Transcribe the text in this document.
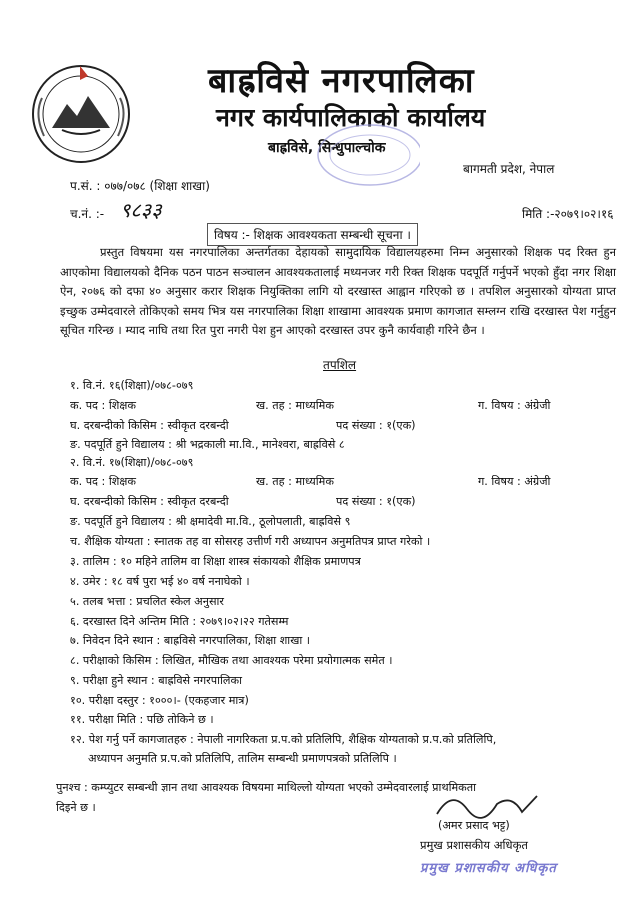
बाह्रविसे नगरपालिका
नगर कार्यपालिकाको कार्यालय
बाह्रविसे, सिन्धुपाल्चोक
बागमती प्रदेश, नेपाल
प.सं. : ०७७/०७८ (शिक्षा शाखा)
च.नं. :- ९८३३	मिति :-२०७९।०२।१६
विषय :- शिक्षक आवश्यकता सम्बन्धी सूचना ।
प्रस्तुत विषयमा यस नगरपालिका अन्तर्गतका देहायको सामुदायिक विद्यालयहरुमा निम्न अनुसारको शिक्षक पद रिक्त हुन आएकोमा विद्यालयको दैनिक पठन पाठन सञ्चालन आवश्यकतालाई मध्यनजर गरी रिक्त शिक्षक पदपूर्ति गर्नुपर्ने भएको हुँदा नगर शिक्षा ऐन, २०७६ को दफा ४० अनुसार करार शिक्षक नियुक्तिका लागि यो दरखास्त आह्वान गरिएको छ । तपशिल अनुसारको योग्यता प्राप्त इच्छुक उम्मेदवारले तोकिएको समय भित्र यस नगरपालिका शिक्षा शाखामा आवश्यक प्रमाण कागजात सम्लग्न राखि दरखास्त पेश गर्नुहुन सूचित गरिन्छ । म्याद नाघि तथा रित पुरा नगरी पेश हुन आएको दरखास्त उपर कुनै कार्यवाही गरिने छैन ।
तपशिल
१. वि.नं. १६(शिक्षा)/०७८-०७९
क. पद : शिक्षक	ख. तह : माध्यमिक	ग. विषय : अंग्रेजी
घ. दरबन्दीको किसिम : स्वीकृत दरबन्दी	पद संख्या : १(एक)
ङ. पदपूर्ति हुने विद्यालय : श्री भद्रकाली मा.वि., मानेश्वरा, बाह्रविसे ८
२. वि.नं. १७(शिक्षा)/०७८-०७९
क. पद : शिक्षक	ख. तह : माध्यमिक	ग. विषय : अंग्रेजी
घ. दरबन्दीको किसिम : स्वीकृत दरबन्दी	पद संख्या : १(एक)
ङ. पदपूर्ति हुने विद्यालय : श्री क्षमादेवी मा.वि., ठूलोपलाती, बाह्रविसे ९
च. शैक्षिक योग्यता : स्नातक तह वा सोसरह उत्तीर्ण गरी अध्यापन अनुमतिपत्र प्राप्त गरेको ।
३. तालिम : १० महिने तालिम वा शिक्षा शास्त्र संकायको शैक्षिक प्रमाणपत्र
४. उमेर : १८ वर्ष पुरा भई ४० वर्ष ननाघेको ।
५. तलब भत्ता : प्रचलित स्केल अनुसार
६. दरखास्त दिने अन्तिम मिति : २०७९।०२।२२ गतेसम्म
७. निवेदन दिने स्थान : बाह्रविसे नगरपालिका, शिक्षा शाखा ।
८. परीक्षाको किसिम : लिखित, मौखिक तथा आवश्यक परेमा प्रयोगात्मक समेत ।
९. परीक्षा हुने स्थान : बाह्रविसे नगरपालिका
१०. परीक्षा दस्तुर : १०००।- (एकहजार मात्र)
११. परीक्षा मिति : पछि तोकिने छ ।
१२. पेश गर्नु पर्ने कागजातहरु : नेपाली नागरिकता प्र.प.को प्रतिलिपि, शैक्षिक योग्यताको प्र.प.को प्रतिलिपि,
अध्यापन अनुमति प्र.प.को प्रतिलिपि, तालिम सम्बन्धी प्रमाणपत्रको प्रतिलिपि ।
पुनश्च : कम्प्युटर सम्बन्धी ज्ञान तथा आवश्यक विषयमा माथिल्लो योग्यता भएको उम्मेदवारलाई प्राथमिकता
दिइने छ ।
(अमर प्रसाद भट्ट)
प्रमुख प्रशासकीय अधिकृत
प्रमुख प्रशासकीय अधिकृत
